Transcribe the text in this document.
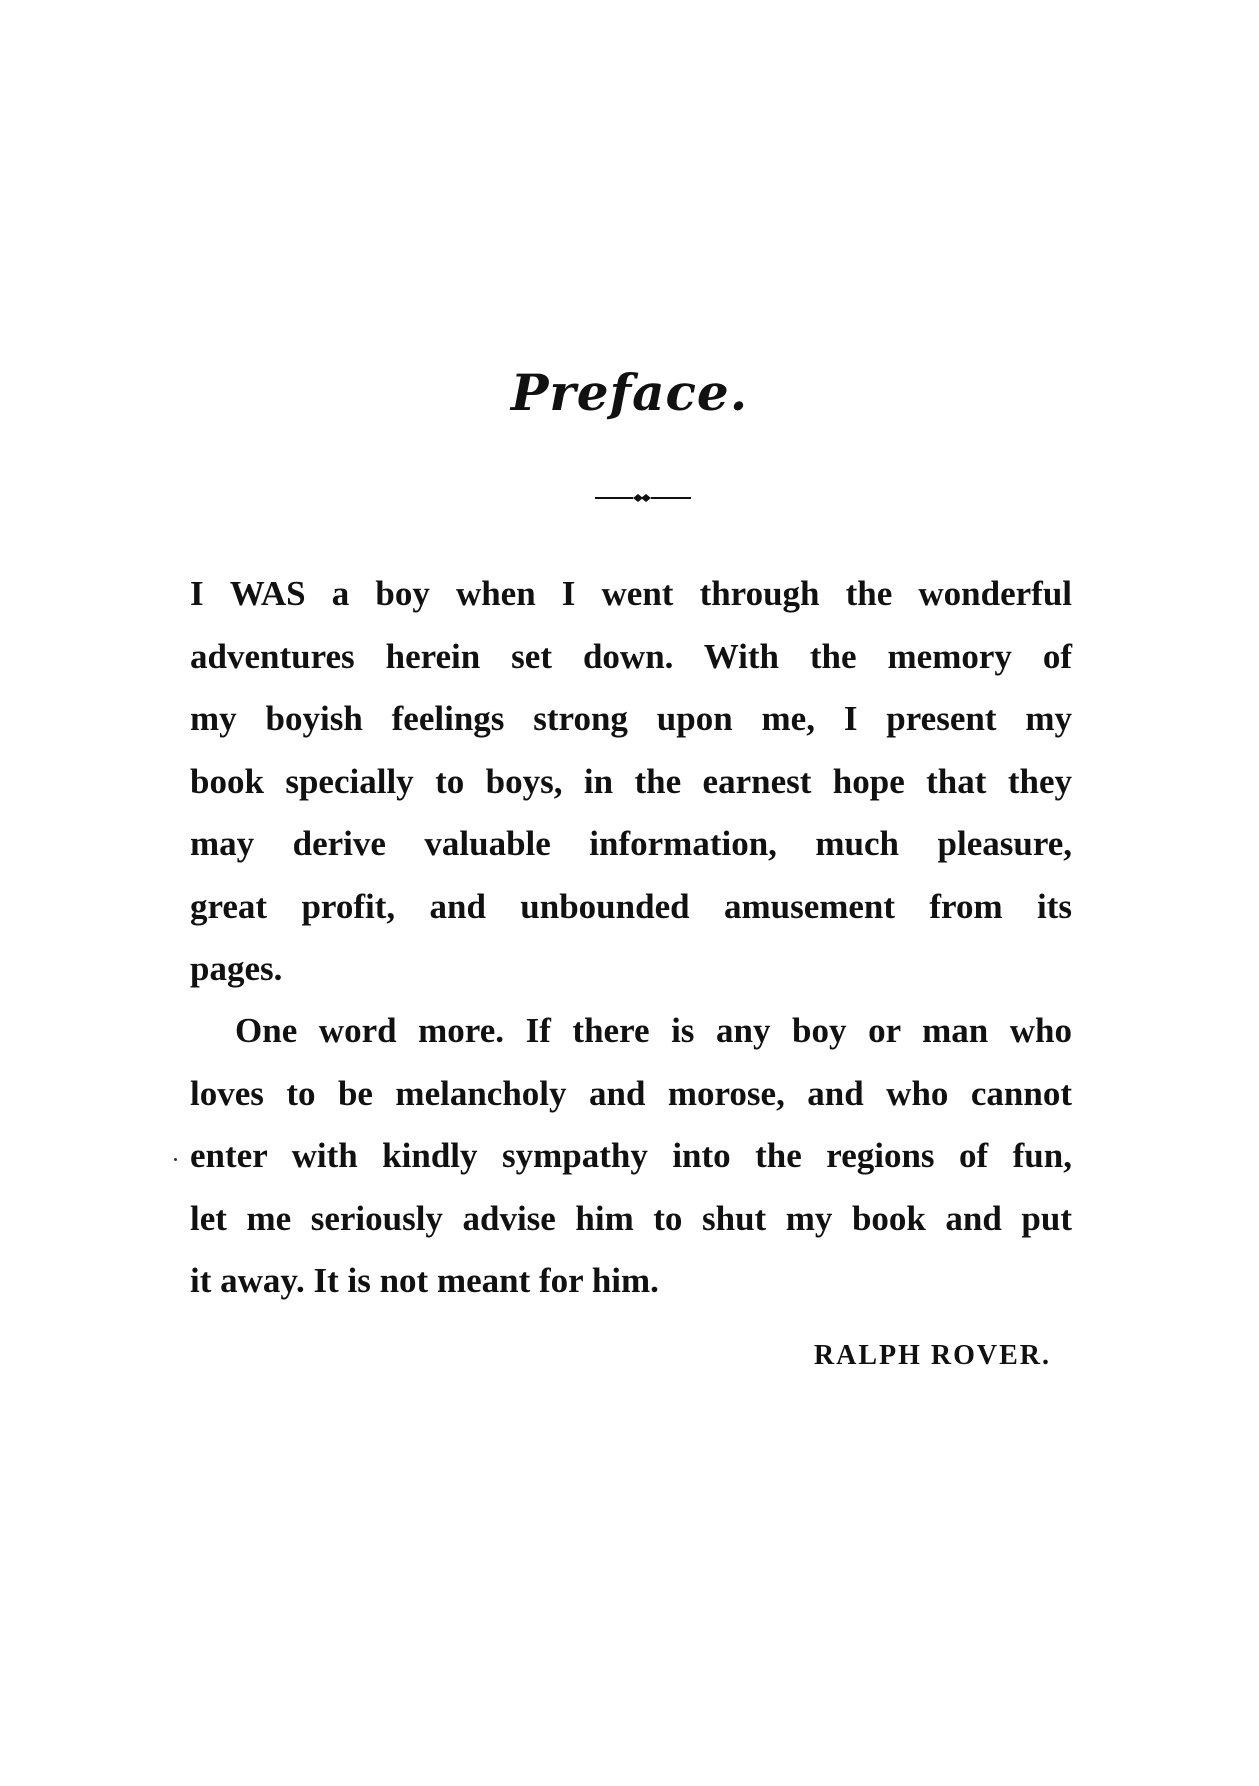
Preface.
I WAS a boy when I went through the wonderful
adventures herein set down. With the memory of
my boyish feelings strong upon me, I present my
book specially to boys, in the earnest hope that they
may derive valuable information, much pleasure,
great profit, and unbounded amusement from its
pages.
One word more. If there is any boy or man who
loves to be melancholy and morose, and who cannot
enter with kindly sympathy into the regions of fun,
let me seriously advise him to shut my book and put
it away. It is not meant for him.
RALPH ROVER.
